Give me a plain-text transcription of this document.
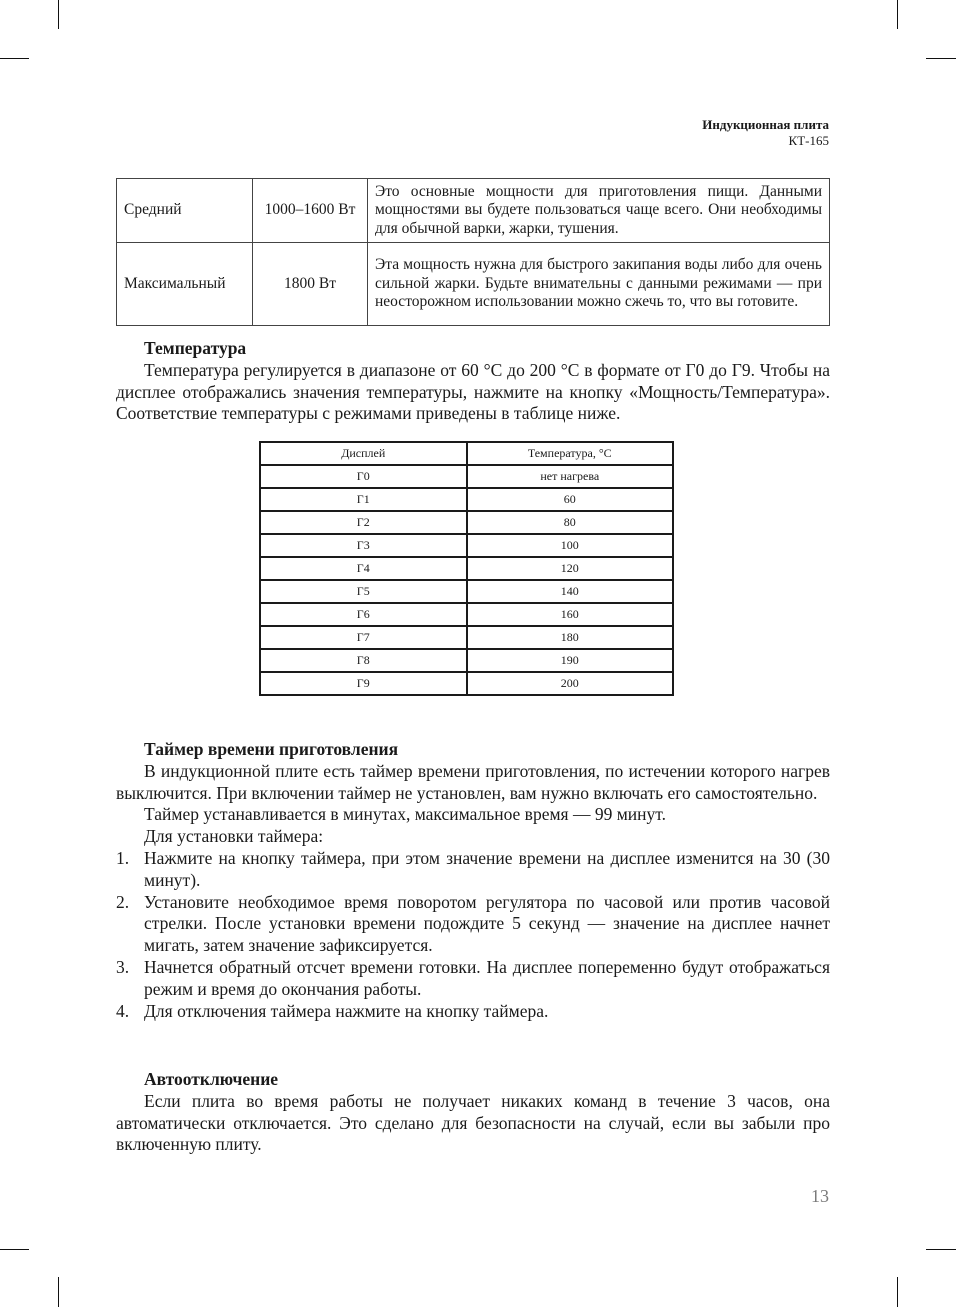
Индукционная плита
КТ-165
Средний	1000–1600 Вт	Это основные мощности для приготовления пищи. Данными мощностями вы будете пользоваться чаще всего. Они необходимы для обычной варки, жарки, тушения.
Максимальный	1800 Вт	Эта мощность нужна для быстрого закипания воды либо для очень сильной жарки. Будьте внимательны с данными режимами — при неосторожном использовании можно сжечь то, что вы готовите.
Температура

Температура регулируется в диапазоне от 60 °С до 200 °С в формате от Г0 до Г9. Чтобы на дисплее отображались значения температуры, нажмите на кнопку «Мощность/Температура». Соответствие температуры с режимами приведены в таблице ниже.

Дисплей	Температура, °С
Г0	нет нагрева
Г1	60
Г2	80
Г3	100
Г4	120
Г5	140
Г6	160
Г7	180
Г8	190
Г9	200
Таймер времени приготовления

В индукционной плите есть таймер времени приготовления, по истечении которого нагрев выключится. При включении таймер не установлен, вам нужно включать его самостоятельно.

Таймер устанавливается в минутах, максимальное время — 99 минут.

Для установки таймера:

1. Нажмите на кнопку таймера, при этом значение времени на дисплее изменится на 30 (30 минут).
2. Установите необходимое время поворотом регулятора по часовой или против часовой стрелки. После установки времени подождите 5 секунд — значение на дисплее начнет мигать, затем значение зафиксируется.
3. Начнется обратный отсчет времени готовки. На дисплее попеременно будут отображаться режим и время до окончания работы.
4. Для отключения таймера нажмите на кнопку таймера.
Автоотключение

Если плита во время работы не получает никаких команд в течение 3 часов, она автоматически отключается. Это сделано для безопасности на случай, если вы забыли про включенную плиту.

13
